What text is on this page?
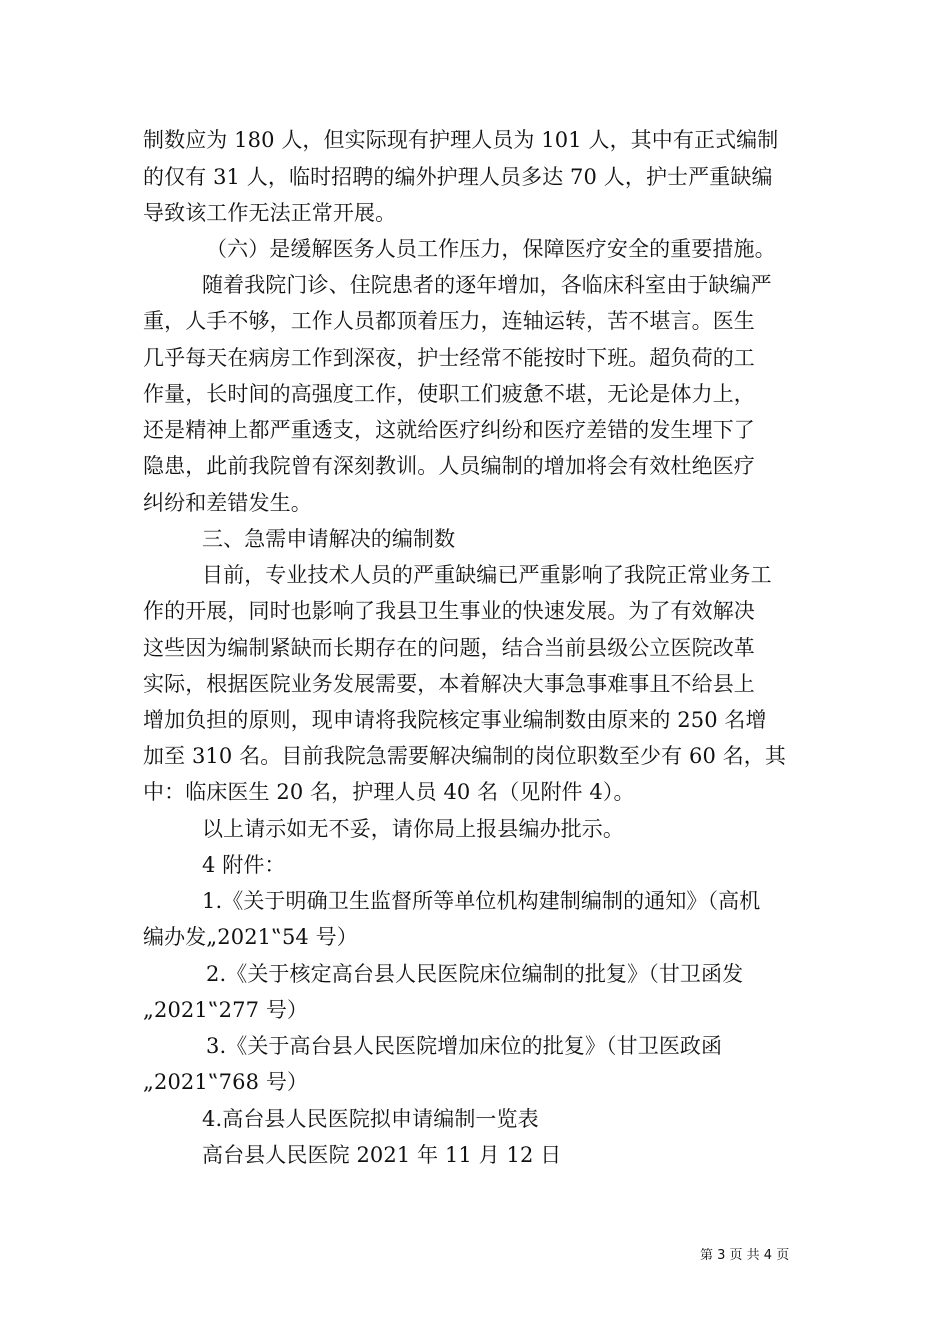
制数应为 180 人，但实际现有护理人员为 101 人，其中有正式编制
的仅有 31 人，临时招聘的编外护理人员多达 70 人，护士严重缺编
导致该工作无法正常开展。
（六）是缓解医务人员工作压力，保障医疗安全的重要措施。
随着我院门诊、住院患者的逐年增加，各临床科室由于缺编严
重，人手不够，工作人员都顶着压力，连轴运转，苦不堪言。医生
几乎每天在病房工作到深夜，护士经常不能按时下班。超负荷的工
作量，长时间的高强度工作，使职工们疲惫不堪，无论是体力上，
还是精神上都严重透支，这就给医疗纠纷和医疗差错的发生埋下了
隐患，此前我院曾有深刻教训。人员编制的增加将会有效杜绝医疗
纠纷和差错发生。
三、急需申请解决的编制数
目前，专业技术人员的严重缺编已严重影响了我院正常业务工
作的开展，同时也影响了我县卫生事业的快速发展。为了有效解决
这些因为编制紧缺而长期存在的问题，结合当前县级公立医院改革
实际，根据医院业务发展需要，本着解决大事急事难事且不给县上
增加负担的原则，现申请将我院核定事业编制数由原来的 250 名增
加至 310 名。目前我院急需要解决编制的岗位职数至少有 60 名，其
中：临床医生 20 名，护理人员 40 名（见附件 4）。
以上请示如无不妥，请你局上报县编办批示。
4 附件：
1.《关于明确卫生监督所等单位机构建制编制的通知》（高机
编办发„2021‟54 号）
2.《关于核定高台县人民医院床位编制的批复》（甘卫函发
„2021‟277 号）
3.《关于高台县人民医院增加床位的批复》（甘卫医政函
„2021‟768 号）
4.高台县人民医院拟申请编制一览表
高台县人民医院 2021 年 11 月 12 日
第 3 页 共 4 页
